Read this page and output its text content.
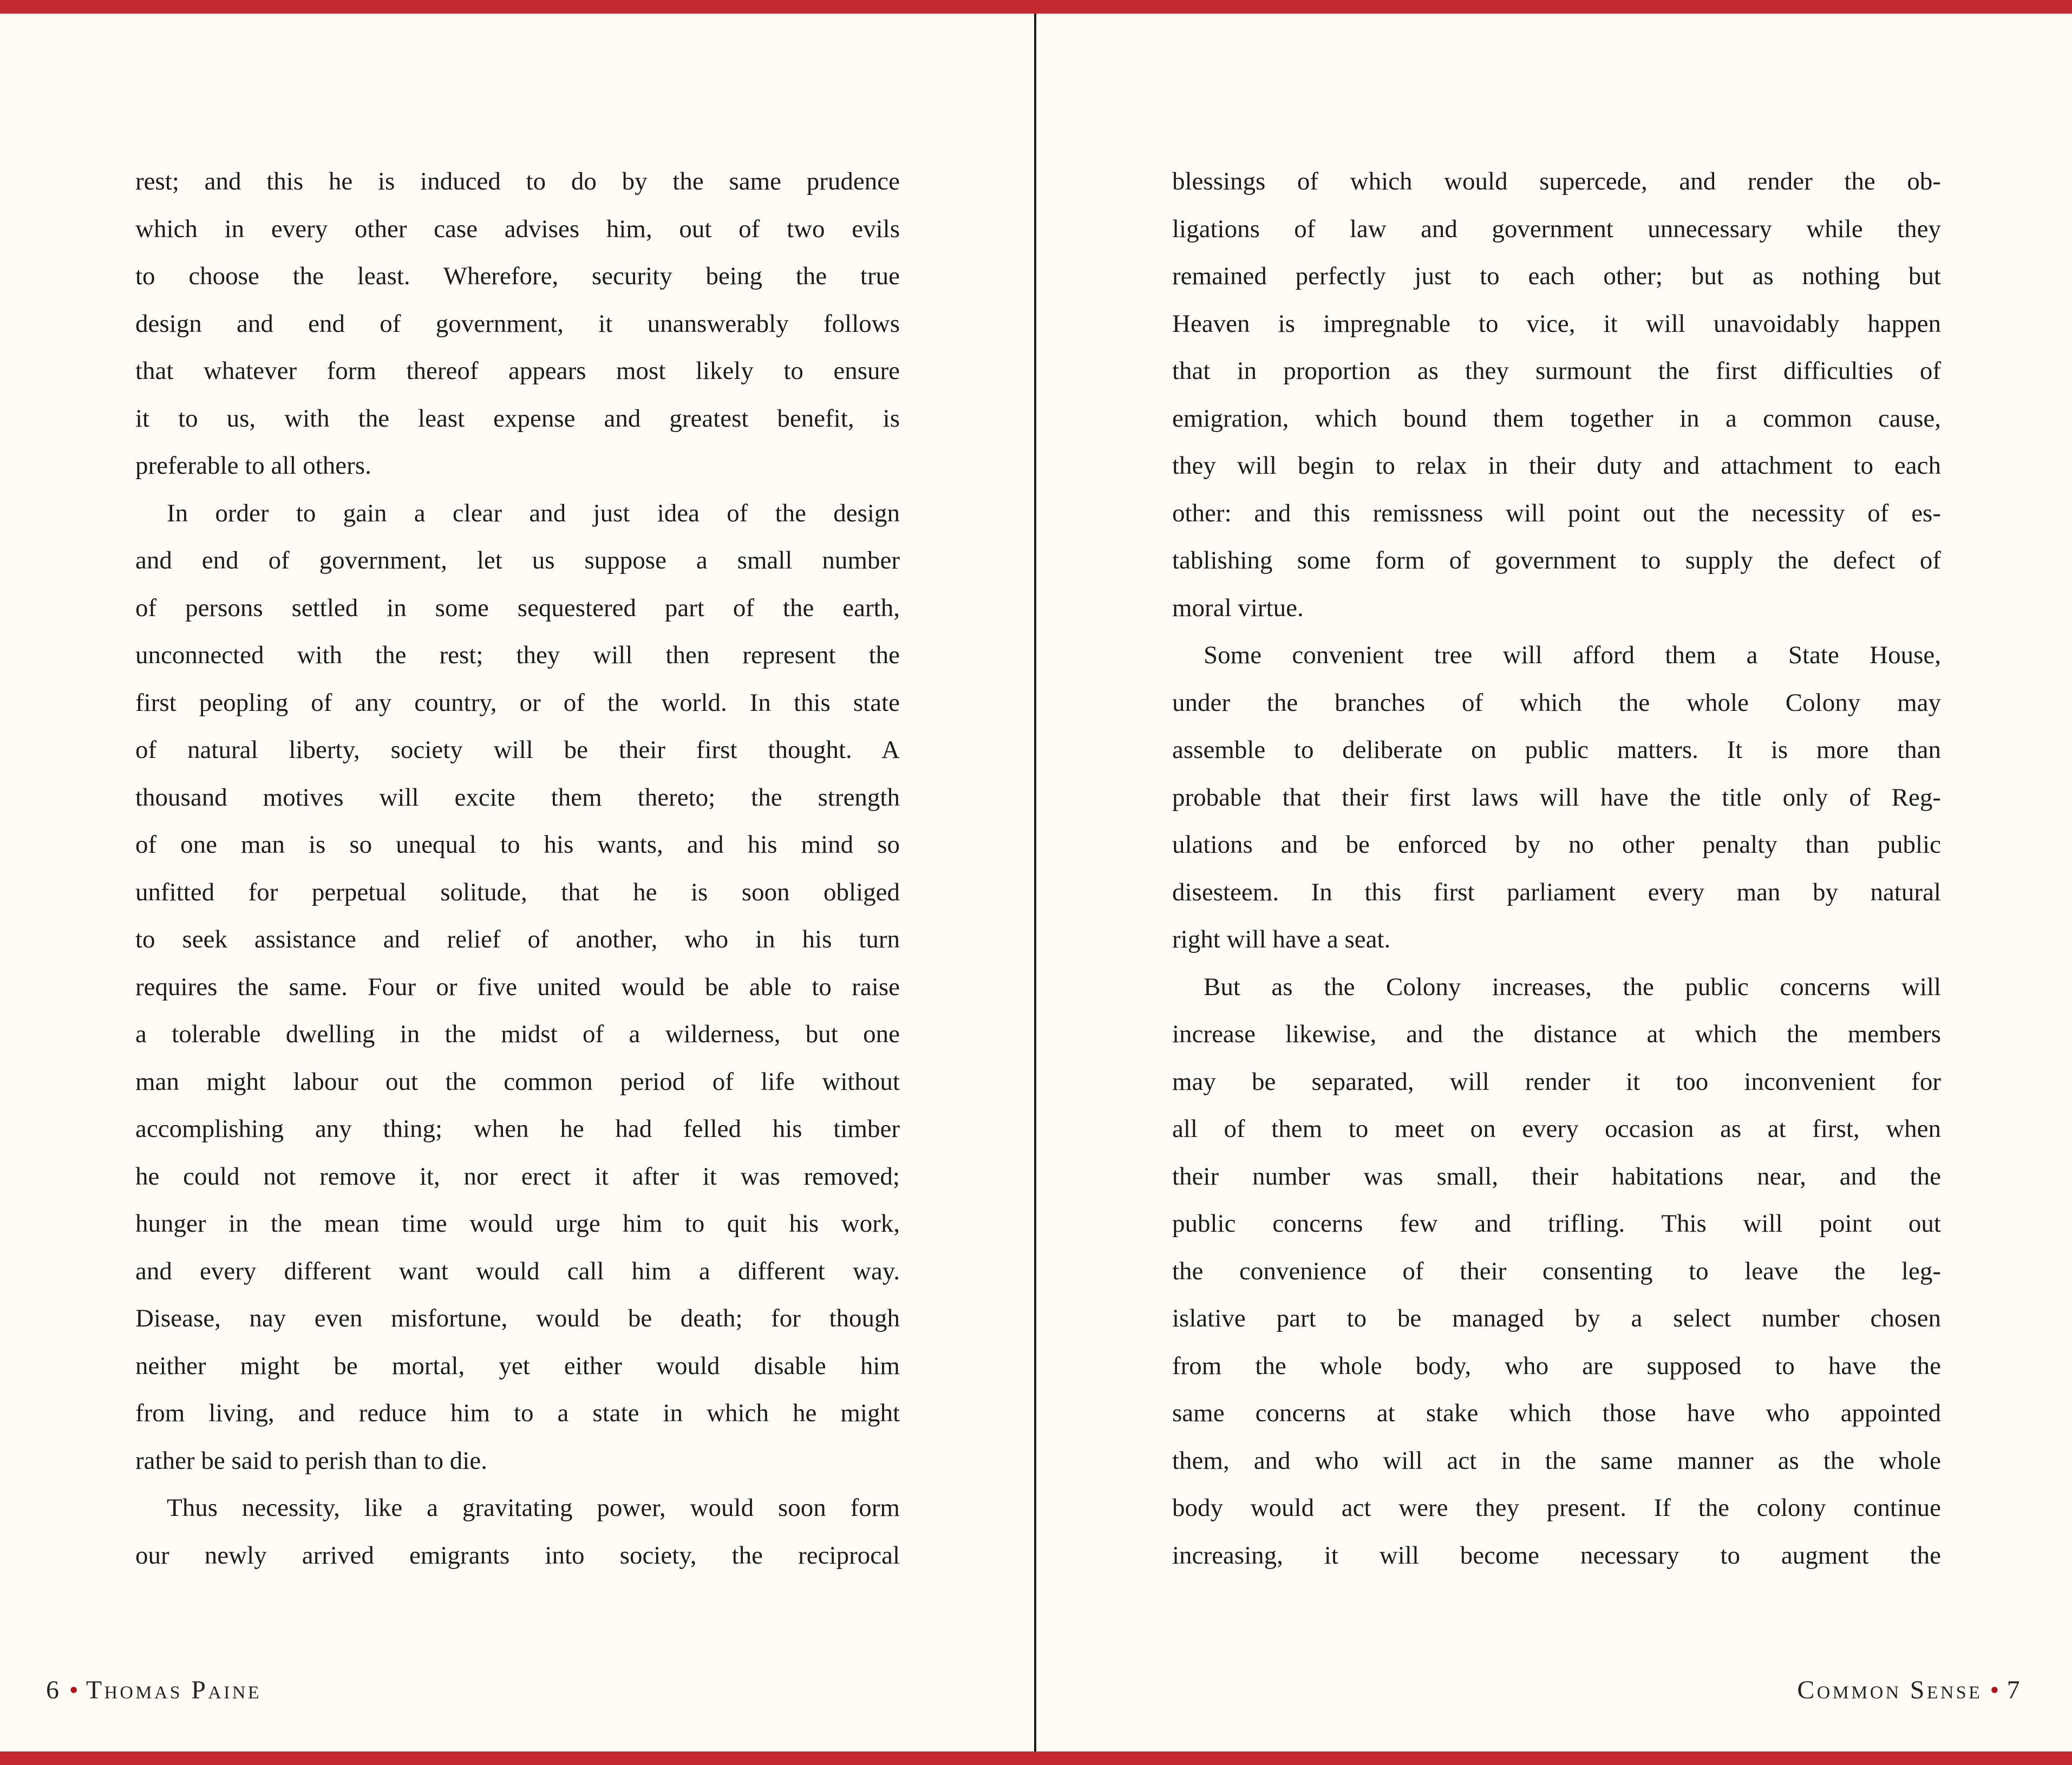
rest; and this he is induced to do by the same prudence
which in every other case advises him, out of two evils
to choose the least. Wherefore, security being the true
design and end of government, it unanswerably follows
that whatever form thereof appears most likely to ensure
it to us, with the least expense and greatest benefit, is
preferable to all others.
In order to gain a clear and just idea of the design
and end of government, let us suppose a small number
of persons settled in some sequestered part of the earth,
unconnected with the rest; they will then represent the
first peopling of any country, or of the world. In this state
of natural liberty, society will be their first thought. A
thousand motives will excite them thereto; the strength
of one man is so unequal to his wants, and his mind so
unfitted for perpetual solitude, that he is soon obliged
to seek assistance and relief of another, who in his turn
requires the same. Four or five united would be able to raise
a tolerable dwelling in the midst of a wilderness, but one
man might labour out the common period of life without
accomplishing any thing; when he had felled his timber
he could not remove it, nor erect it after it was removed;
hunger in the mean time would urge him to quit his work,
and every different want would call him a different way.
Disease, nay even misfortune, would be death; for though
neither might be mortal, yet either would disable him
from living, and reduce him to a state in which he might
rather be said to perish than to die.
Thus necessity, like a gravitating power, would soon form
our newly arrived emigrants into society, the reciprocal
blessings of which would supercede, and render the ob-
ligations of law and government unnecessary while they
remained perfectly just to each other; but as nothing but
Heaven is impregnable to vice, it will unavoidably happen
that in proportion as they surmount the first difficulties of
emigration, which bound them together in a common cause,
they will begin to relax in their duty and attachment to each
other: and this remissness will point out the necessity of es-
tablishing some form of government to supply the defect of
moral virtue.
Some convenient tree will afford them a State House,
under the branches of which the whole Colony may
assemble to deliberate on public matters. It is more than
probable that their first laws will have the title only of Reg-
ulations and be enforced by no other penalty than public
disesteem. In this first parliament every man by natural
right will have a seat.
But as the Colony increases, the public concerns will
increase likewise, and the distance at which the members
may be separated, will render it too inconvenient for
all of them to meet on every occasion as at first, when
their number was small, their habitations near, and the
public concerns few and trifling. This will point out
the convenience of their consenting to leave the leg-
islative part to be managed by a select number chosen
from the whole body, who are supposed to have the
same concerns at stake which those have who appointed
them, and who will act in the same manner as the whole
body would act were they present. If the colony continue
increasing, it will become necessary to augment the
6 • Thomas Paine	Common Sense • 7
